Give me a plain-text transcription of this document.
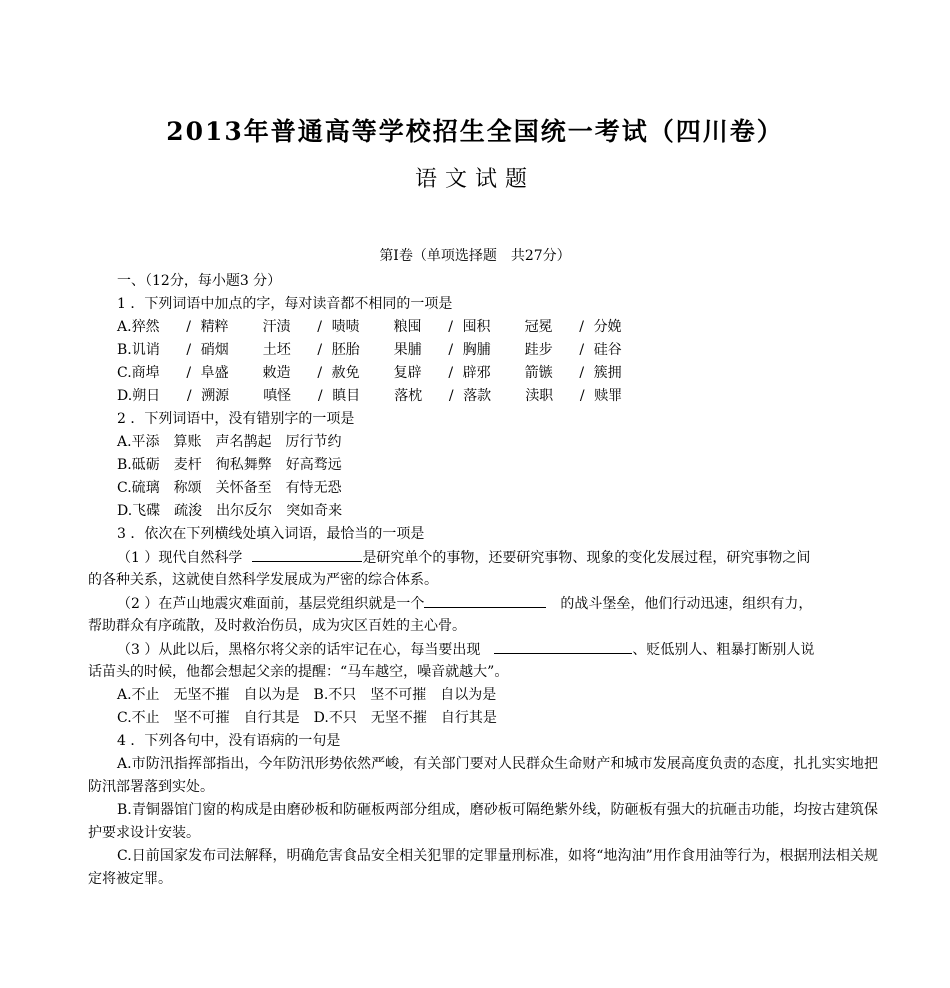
2013年普通高等学校招生全国统一考试（四川卷）
语文试题
第Ⅰ卷（单项选择题　共27分）
一、（12分，每小题3 分）
1 ．下列词语中加点的字，每对读音都不相同的一项是
A. 猝然	/ 精粹	汗渍	/ 啧啧	粮囤	/ 囤积	冠冕	/ 分娩
B. 讥诮	/ 硝烟	土坯	/ 胚胎	果脯	/ 胸脯	跬步	/ 硅谷
C. 商埠	/ 阜盛	敕造	/ 赦免	复辟	/ 辟邪	箭镞	/ 簇拥
D. 朔日	/ 溯源	嗔怪	/ 瞋目	落枕	/ 落款	渎职	/ 赎罪
2 ．下列词语中，没有错别字的一项是
A.平添　算账　声名鹊起　厉行节约
B.砥砺　麦杆　徇私舞弊　好高骛远
C.硫璃　称颂　关怀备至　有恃无恐
D.飞碟　疏浚　出尔反尔　突如奇来
3 ．依次在下列横线处填入词语，最恰当的一项是
（1 ）现代自然科学	是研究单个的事物，还要研究事物、现象的变化发展过程，研究事物之间
的各种关系，这就使自然科学发展成为严密的综合体系。
（2 ）在芦山地震灾难面前，基层党组织就是一个	的战斗堡垒，他们行动迅速，组织有力，
帮助群众有序疏散，及时救治伤员，成为灾区百姓的主心骨。
（3 ）从此以后，黑格尔将父亲的话牢记在心，每当要出现	、贬低别人、粗暴打断别人说
话苗头的时候，他都会想起父亲的提醒：“马车越空，噪音就越大”。
A.不止　无坚不摧　自以为是　B.不只　坚不可摧　自以为是
C.不止　坚不可摧　自行其是　D.不只　无坚不摧　自行其是
4 ．下列各句中，没有语病的一句是
A.市防汛指挥部指出，今年防汛形势依然严峻，有关部门要对人民群众生命财产和城市发展高度负责的态度，扎扎实实地把防汛部署落到实处。
B.青铜器馆门窗的构成是由磨砂板和防砸板两部分组成，磨砂板可隔绝紫外线，防砸板有强大的抗砸击功能，均按古建筑保护要求设计安装。
C.日前国家发布司法解释，明确危害食品安全相关犯罪的定罪量刑标准，如将“地沟油”用作食用油等行为，根据刑法相关规定将被定罪。
